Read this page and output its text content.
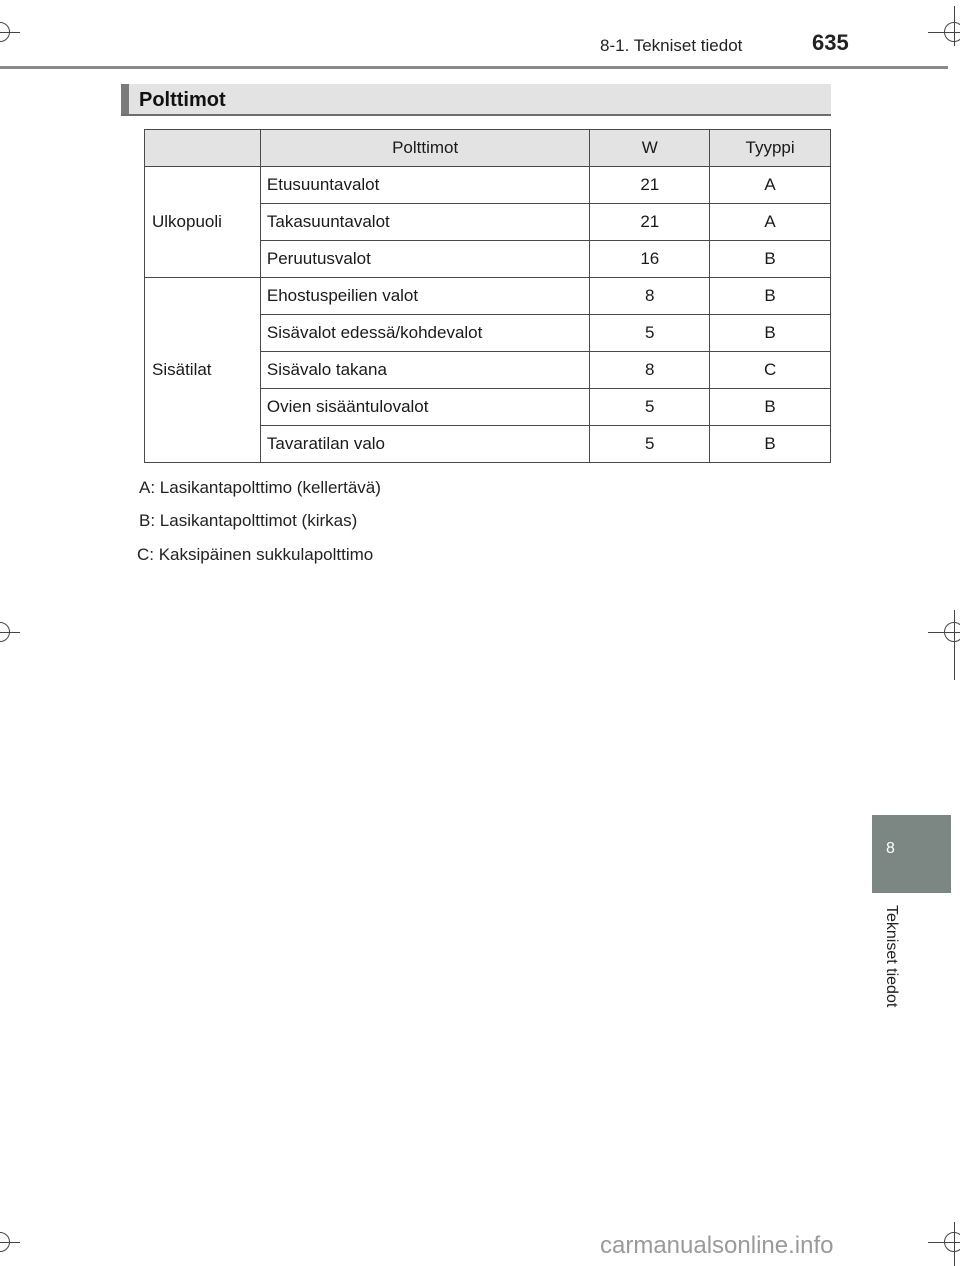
8-1. Tekniset tiedot	635
Polttimot
	Polttimot	W	Tyyppi
Ulkopuoli	Etusuuntavalot	21	A
	Takasuuntavalot	21	A
	Peruutusvalot	16	B
Sisätilat	Ehostuspeilien valot	8	B
	Sisävalot edessä/kohdevalot	5	B
	Sisävalo takana	8	C
	Ovien sisääntulovalot	5	B
	Tavaratilan valo	5	B
A: Lasikantapolttimo (kellertävä)
B: Lasikantapolttimot (kirkas)
C: Kaksipäinen sukkulapolttimo
8
Tekniset tiedot
carmanualsonline.info
